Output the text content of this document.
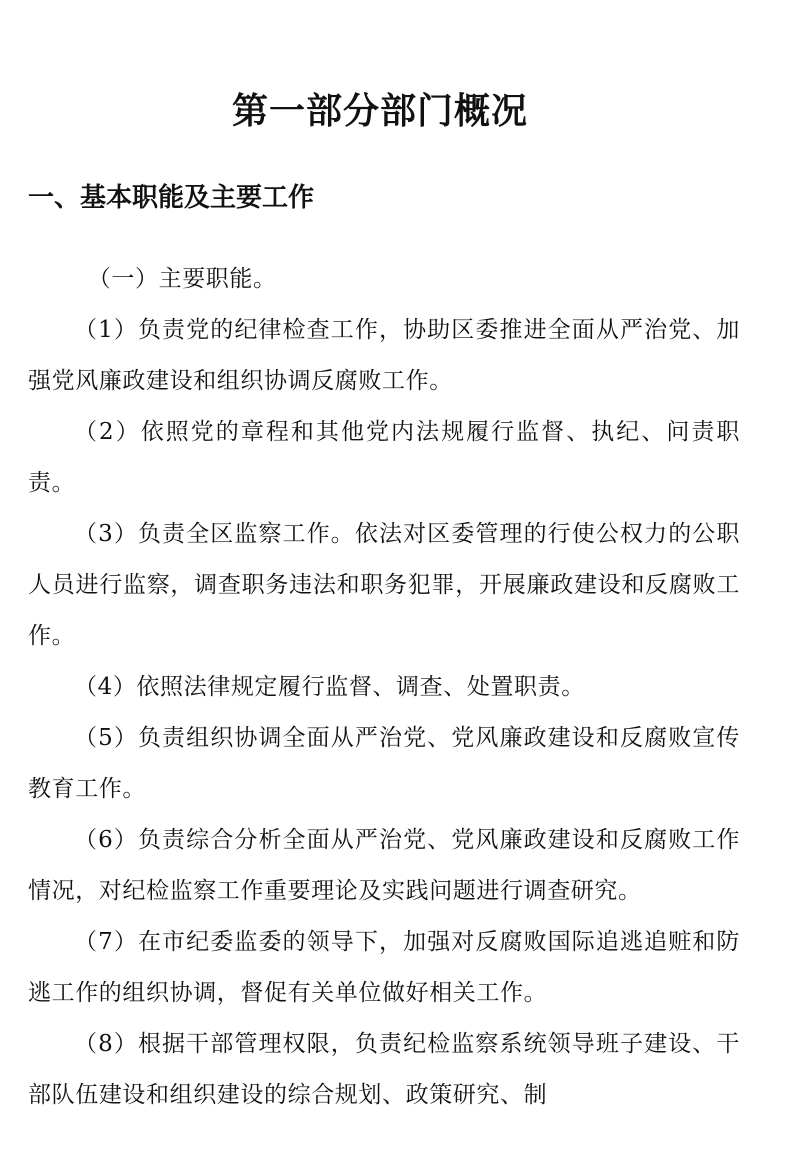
第一部分部门概况
一、基本职能及主要工作

（一）主要职能。

（1）负责党的纪律检查工作，协助区委推进全面从严治党、加强党风廉政建设和组织协调反腐败工作。

（2）依照党的章程和其他党内法规履行监督、执纪、问责职责。

（3）负责全区监察工作。依法对区委管理的行使公权力的公职人员进行监察，调查职务违法和职务犯罪，开展廉政建设和反腐败工作。

（4）依照法律规定履行监督、调查、处置职责。

（5）负责组织协调全面从严治党、党风廉政建设和反腐败宣传教育工作。

（6）负责综合分析全面从严治党、党风廉政建设和反腐败工作情况，对纪检监察工作重要理论及实践问题进行调查研究。

（7）在市纪委监委的领导下，加强对反腐败国际追逃追赃和防逃工作的组织协调，督促有关单位做好相关工作。

（8）根据干部管理权限，负责纪检监察系统领导班子建设、干部队伍建设和组织建设的综合规划、政策研究、制
